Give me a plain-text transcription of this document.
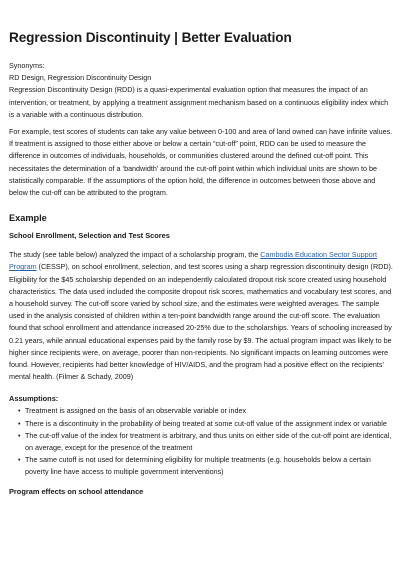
Regression Discontinuity | Better Evaluation

Synonyms:

RD Design, Regression Discontinuity Design

Regression Discontinuity Design (RDD) is a quasi-experimental evaluation option that measures the impact of an intervention, or treatment, by applying a treatment assignment mechanism based on a continuous eligibility index which is a variable with a continuous distribution.

For example, test scores of students can take any value between 0-100 and area of land owned can have infinite values. If treatment is assigned to those either above or below a certain “cut-off” point, RDD can be used to measure the difference in outcomes of individuals, households, or communities clustered around the defined cut-off point. This necessitates the determination of a ‘bandwidth’ around the cut-off point within which individual units are shown to be statistically comparable. If the assumptions of the option hold, the difference in outcomes between those above and below the cut-off can be attributed to the program.

Example
School Enrollment, Selection and Test Scores

The study (see table below) analyzed the impact of a scholarship program, the Cambodia Education Sector Support Program (CESSP), on school enrollment, selection, and test scores using a sharp regression discontinuity design (RDD). Eligibility for the $45 scholarship depended on an independently calculated dropout risk score created using household characteristics. The data used included the composite dropout risk scores, mathematics and vocabulary test scores, and a household survey. The cut-off score varied by school size, and the estimates were weighted averages. The sample used in the analysis consisted of children within a ten-point bandwidth range around the cut-off score. The evaluation found that school enrollment and attendance increased 20-25% due to the scholarships. Years of schooling increased by 0.21 years, while annual educational expenses paid by the family rose by $9. The actual program impact was likely to be higher since recipients were, on average, poorer than non-recipients. No significant impacts on learning outcomes were found. However, recipients had better knowledge of HIV/AIDS, and the program had a positive effect on the recipients’ mental health. (Filmer & Schady, 2009)

Assumptions:
• Treatment is assigned on the basis of an observable variable or index
• There is a discontinuity in the probability of being treated at some cut-off value of the assignment index or variable
• The cut-off value of the index for treatment is arbitrary, and thus units on either side of the cut-off point are identical, on average, except for the presence of the treatment
• The same cutoff is not used for determining eligibility for multiple treatments (e.g. households below a certain poverty line have access to multiple government interventions)
Program effects on school attendance
